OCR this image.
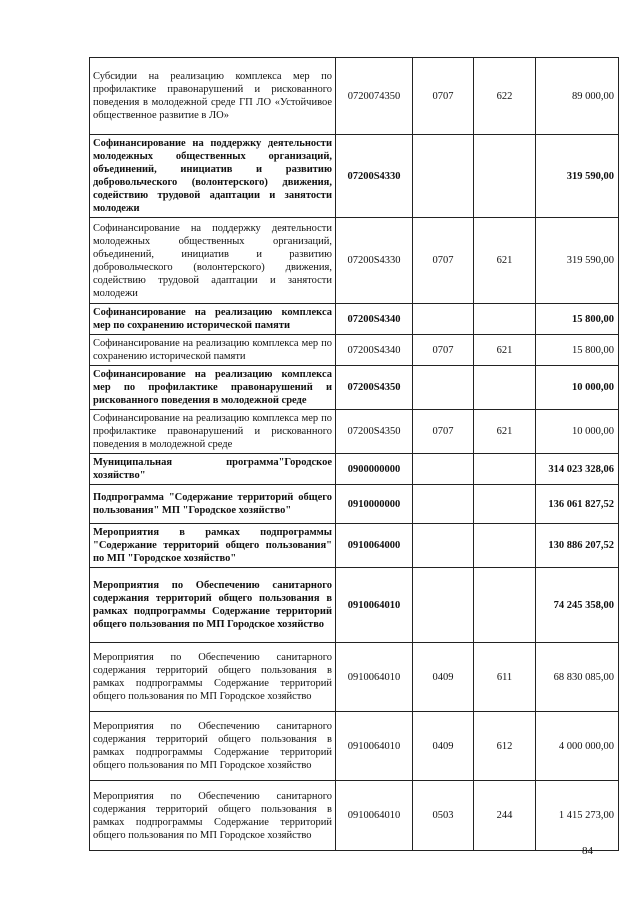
Субсидии на реализацию комплекса мер по профилактике правонарушений и рискованного поведения в молодежной среде ГП ЛО «Устойчивое общественное развитие в ЛО»	0720074350	0707	622	89 000,00
Софинансирование на поддержку деятельности молодежных общественных организаций, объединений, инициатив и развитию добровольческого (волонтерского) движения, содействию трудовой адаптации и занятости молодежи	07200S4330			319 590,00
Софинансирование на поддержку деятельности молодежных общественных организаций, объединений, инициатив и развитию добровольческого (волонтерского) движения, содействию трудовой адаптации и занятости молодежи	07200S4330	0707	621	319 590,00
Софинансирование на реализацию комплекса мер по сохранению исторической памяти	07200S4340			15 800,00
Софинансирование на реализацию комплекса мер по сохранению исторической памяти	07200S4340	0707	621	15 800,00
Софинансирование на реализацию комплекса мер по профилактике правонарушений и рискованного поведения в молодежной среде	07200S4350			10 000,00
Софинансирование на реализацию комплекса мер по профилактике правонарушений и рискованного поведения в молодежной среде	07200S4350	0707	621	10 000,00
Муниципальная программа"Городское хозяйство"	0900000000			314 023 328,06
Подпрограмма "Содержание территорий общего пользования" МП "Городское хозяйство"	0910000000			136 061 827,52
Мероприятия в рамках подпрограммы "Содержание территорий общего пользования" по МП "Городское хозяйство"	0910064000			130 886 207,52
Мероприятия по Обеспечению санитарного содержания территорий общего пользования в рамках подпрограммы Содержание территорий общего пользования по МП Городское хозяйство	0910064010			74 245 358,00
Мероприятия по Обеспечению санитарного содержания территорий общего пользования в рамках подпрограммы Содержание территорий общего пользования по МП Городское хозяйство	0910064010	0409	611	68 830 085,00
Мероприятия по Обеспечению санитарного содержания территорий общего пользования в рамках подпрограммы Содержание территорий общего пользования по МП Городское хозяйство	0910064010	0409	612	4 000 000,00
Мероприятия по Обеспечению санитарного содержания территорий общего пользования в рамках подпрограммы Содержание территорий общего пользования по МП Городское хозяйство	0910064010	0503	244	1 415 273,00
84
